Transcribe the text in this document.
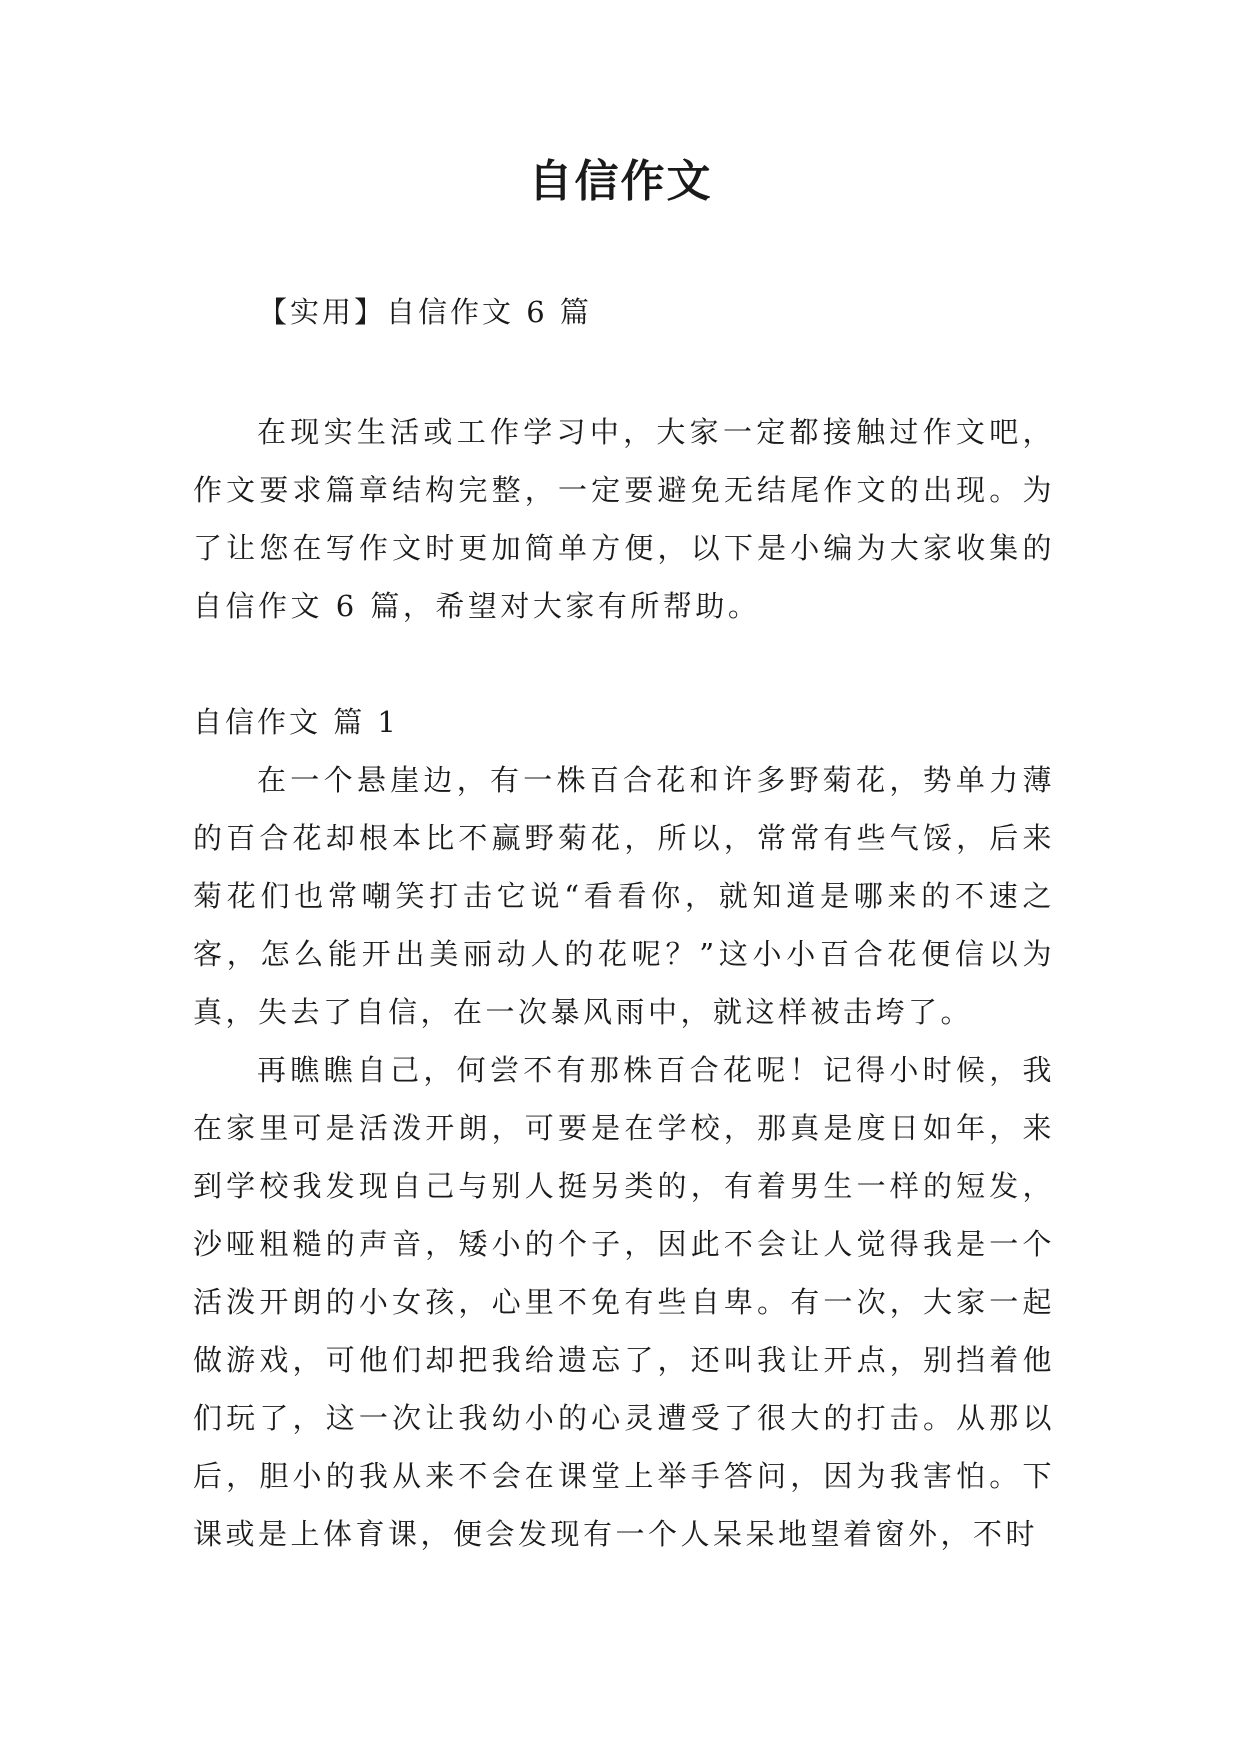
自信作文
【实用】自信作文 6 篇

在现实生活或工作学习中，大家一定都接触过作文吧，作文要求篇章结构完整，一定要避免无结尾作文的出现。为了让您在写作文时更加简单方便，以下是小编为大家收集的自信作文 6 篇，希望对大家有所帮助。

自信作文 篇 1

在一个悬崖边，有一株百合花和许多野菊花，势单力薄的百合花却根本比不赢野菊花，所以，常常有些气馁，后来菊花们也常嘲笑打击它说“看看你，就知道是哪来的不速之客，怎么能开出美丽动人的花呢？”这小小百合花便信以为真，失去了自信，在一次暴风雨中，就这样被击垮了。

再瞧瞧自己，何尝不有那株百合花呢！记得小时候，我在家里可是活泼开朗，可要是在学校，那真是度日如年，来到学校我发现自己与别人挺另类的，有着男生一样的短发，沙哑粗糙的声音，矮小的个子，因此不会让人觉得我是一个活泼开朗的小女孩，心里不免有些自卑。有一次，大家一起做游戏，可他们却把我给遗忘了，还叫我让开点，别挡着他们玩了，这一次让我幼小的心灵遭受了很大的打击。从那以后，胆小的我从来不会在课堂上举手答问，因为我害怕。下课或是上体育课，便会发现有一个人呆呆地望着窗外，不时
